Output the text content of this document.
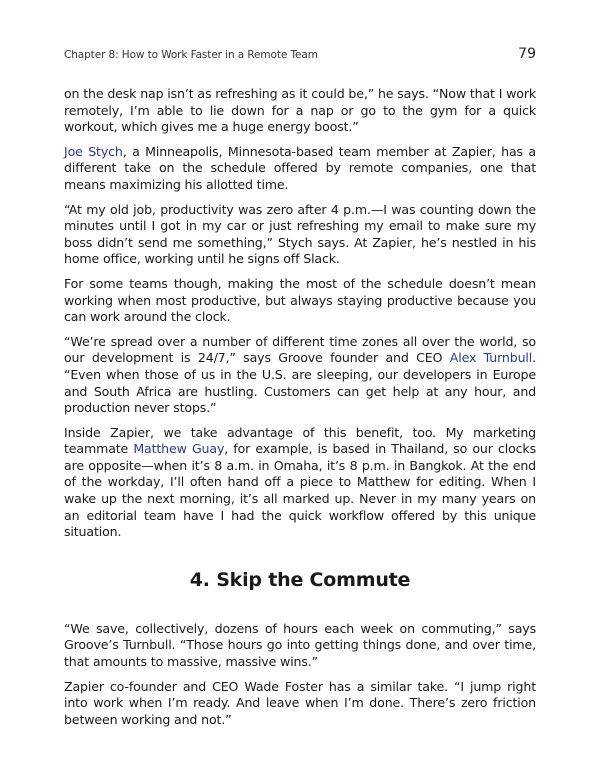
Chapter 8: How to Work Faster in a Remote Team	79

on the desk nap isn’t as refreshing as it could be,” he says. “Now that I work remotely, I’m able to lie down for a nap or go to the gym for a quick workout, which gives me a huge energy boost.”

Joe Stych, a Minneapolis, Minnesota-based team member at Zapier, has a different take on the schedule offered by remote companies, one that means maximizing his allotted time.

“At my old job, productivity was zero after 4 p.m.—I was counting down the minutes until I got in my car or just refreshing my email to make sure my boss didn’t send me something,” Stych says. At Zapier, he’s nestled in his home office, working until he signs off Slack.

For some teams though, making the most of the schedule doesn’t mean working when most productive, but always staying productive because you can work around the clock.

“We’re spread over a number of different time zones all over the world, so our development is 24/7,” says Groove founder and CEO Alex Turnbull. “Even when those of us in the U.S. are sleeping, our developers in Europe and South Africa are hustling. Customers can get help at any hour, and production never stops.”

Inside Zapier, we take advantage of this benefit, too. My marketing teammate Matthew Guay, for example, is based in Thailand, so our clocks are opposite—when it’s 8 a.m. in Omaha, it’s 8 p.m. in Bangkok. At the end of the workday, I’ll often hand off a piece to Matthew for editing. When I wake up the next morning, it’s all marked up. Never in my many years on an editorial team have I had the quick workflow offered by this unique situation.

4. Skip the Commute

“We save, collectively, dozens of hours each week on commuting,” says Groove’s Turnbull. “Those hours go into getting things done, and over time, that amounts to massive, massive wins.”

Zapier co-founder and CEO Wade Foster has a similar take. “I jump right into work when I’m ready. And leave when I’m done. There’s zero friction between working and not.”
